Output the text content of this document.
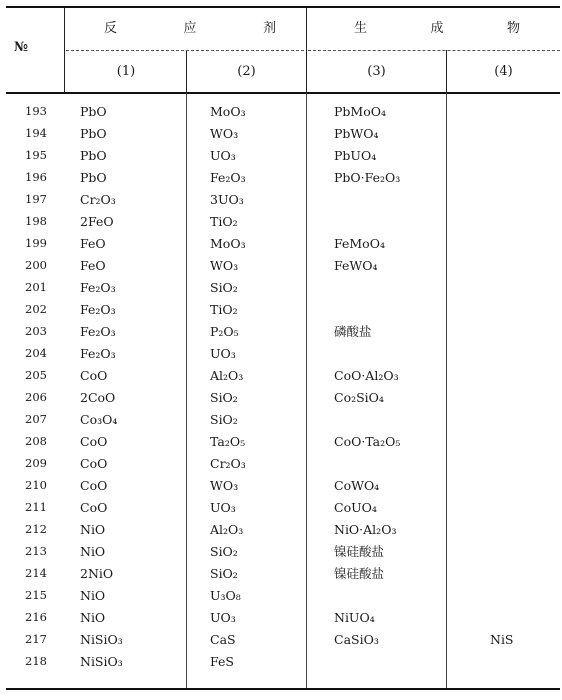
№
反	应	剂	生	成	物
(1)	(2)	(3)	(4)
193	PbO	MoO₃	PbMoO₄	
194	PbO	WO₃	PbWO₄	
195	PbO	UO₃	PbUO₄	
196	PbO	Fe₂O₃	PbO·Fe₂O₃	
197	Cr₂O₃	3UO₃		
198	2FeO	TiO₂		
199	FeO	MoO₃	FeMoO₄	
200	FeO	WO₃	FeWO₄	
201	Fe₂O₃	SiO₂		
202	Fe₂O₃	TiO₂		
203	Fe₂O₃	P₂O₅	磷酸盐	
204	Fe₂O₃	UO₃		
205	CoO	Al₂O₃	CoO·Al₂O₃	
206	2CoO	SiO₂	Co₂SiO₄	
207	Co₃O₄	SiO₂		
208	CoO	Ta₂O₅	CoO·Ta₂O₅	
209	CoO	Cr₂O₃		
210	CoO	WO₃	CoWO₄	
211	CoO	UO₃	CoUO₄	
212	NiO	Al₂O₃	NiO·Al₂O₃	
213	NiO	SiO₂	镍硅酸盐	
214	2NiO	SiO₂	镍硅酸盐	
215	NiO	U₃O₈		
216	NiO	UO₃	NiUO₄	
217	NiSiO₃	CaS	CaSiO₃	NiS
218	NiSiO₃	FeS		
